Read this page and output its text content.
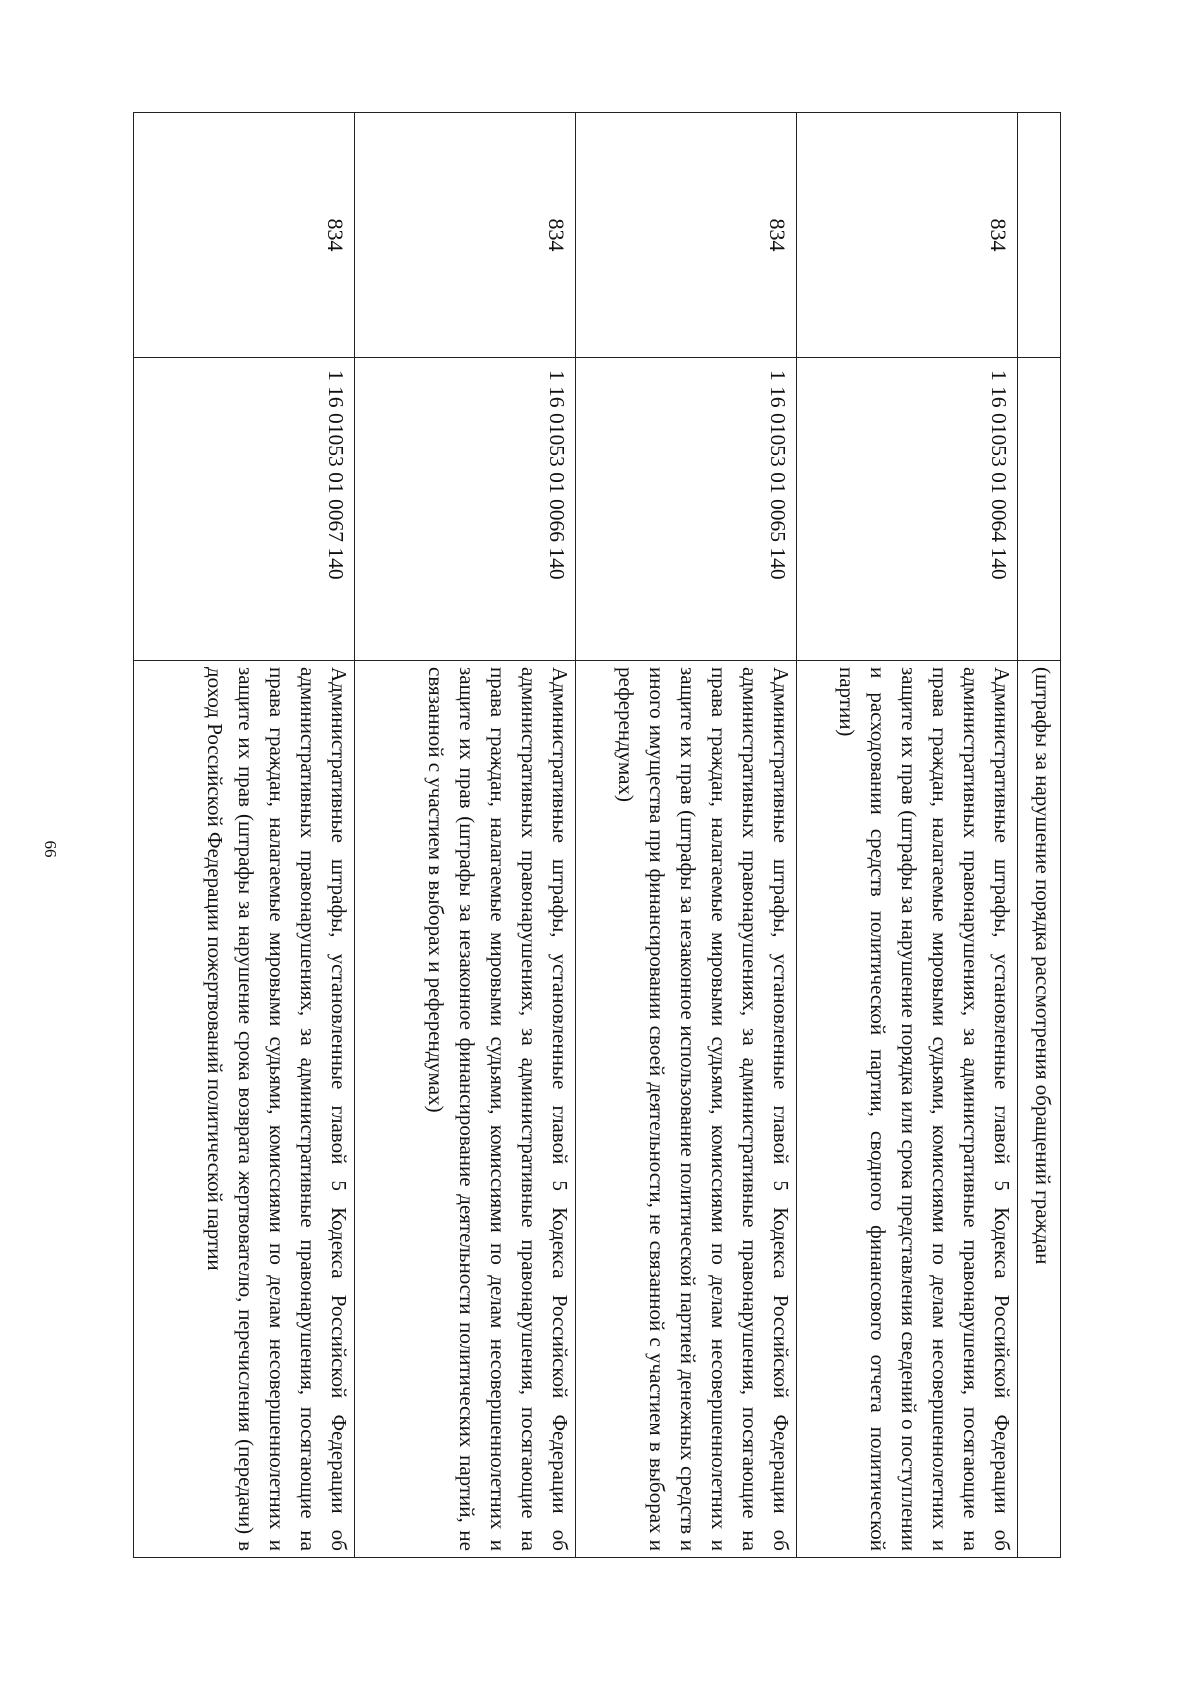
66
			(штрафы за нарушение порядка рассмотрения обращений граждан
834	1 16 01053 01 0064 140	Административные штрафы, установленные главой 5 Кодекса Российской Федерации об административных правонарушениях, за административные правонарушения, посягающие на права граждан, налагаемые мировыми судьями, комиссиями по делам несовершеннолетних и защите их прав (штрафы за нарушение порядка или срока представления сведений о поступлении и расходовании средств политической партии, сводного финансового отчета политической партии)
834	1 16 01053 01 0065 140	Административные штрафы, установленные главой 5 Кодекса Российской Федерации об административных правонарушениях, за административные правонарушения, посягающие на права граждан, налагаемые мировыми судьями, комиссиями по делам несовершеннолетних и защите их прав (штрафы за незаконное использование политической партией денежных средств и иного имущества при финансировании своей деятельности, не связанной с участием в выборах и референдумах)
834	1 16 01053 01 0066 140	Административные штрафы, установленные главой 5 Кодекса Российской Федерации об административных правонарушениях, за административные правонарушения, посягающие на права граждан, налагаемые мировыми судьями, комиссиями по делам несовершеннолетних и защите их прав (штрафы за незаконное финансирование деятельности политических партий, не связанной с участием в выборах и референдумах)
834	1 16 01053 01 0067 140	Административные штрафы, установленные главой 5 Кодекса Российской Федерации об административных правонарушениях, за административные правонарушения, посягающие на права граждан, налагаемые мировыми судьями, комиссиями по делам несовершеннолетних и защите их прав (штрафы за нарушение срока возврата жертвователю, перечисления (передачи) в доход Российской Федерации пожертвований политической партии
